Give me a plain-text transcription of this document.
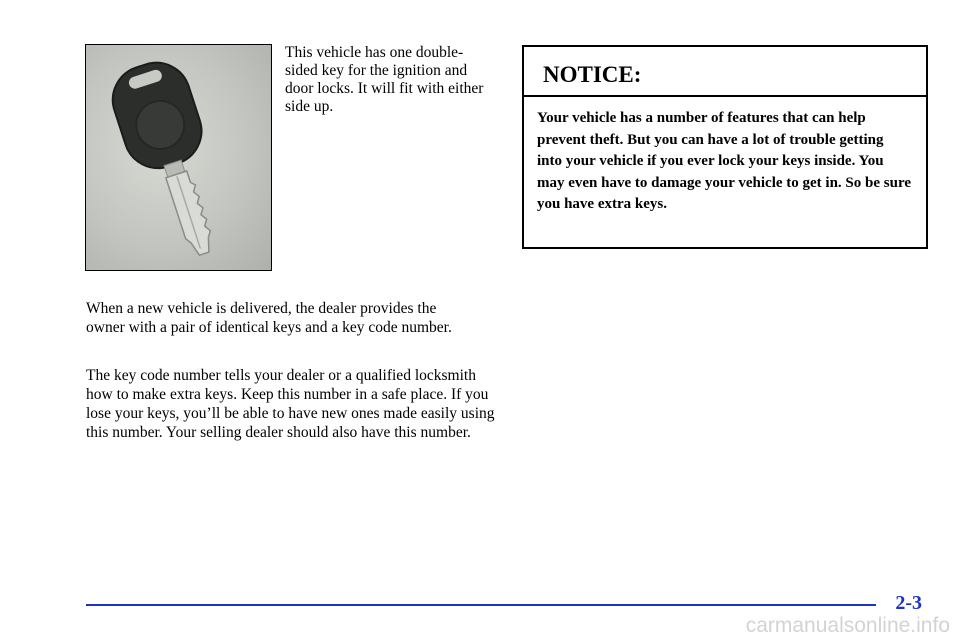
This vehicle has one double-sided key for the ignition and door locks. It will fit with either side up.

When a new vehicle is delivered, the dealer provides the owner with a pair of identical keys and a key code number.

The key code number tells your dealer or a qualified locksmith how to make extra keys. Keep this number in a safe place. If you lose your keys, you’ll be able to have new ones made easily using this number. Your selling dealer should also have this number.

NOTICE:

Your vehicle has a number of features that can help prevent theft. But you can have a lot of trouble getting into your vehicle if you ever lock your keys inside. You may even have to damage your vehicle to get in. So be sure you have extra keys.

2-3
carmanualsonline.info
